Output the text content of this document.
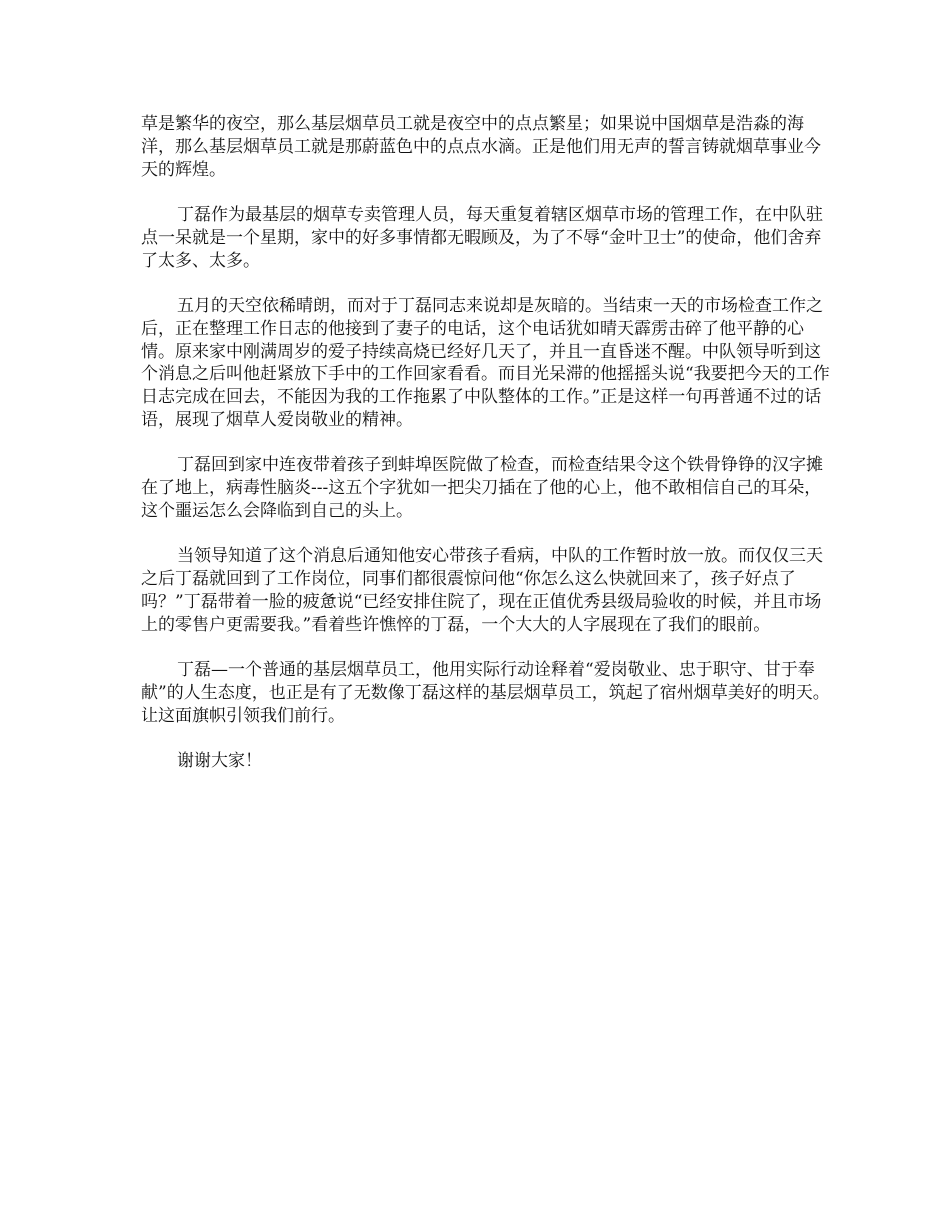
草是繁华的夜空，那么基层烟草员工就是夜空中的点点繁星；如果说中国烟草是浩淼的海洋，那么基层烟草员工就是那蔚蓝色中的点点水滴。正是他们用无声的誓言铸就烟草事业今天的辉煌。

丁磊作为最基层的烟草专卖管理人员，每天重复着辖区烟草市场的管理工作，在中队驻点一呆就是一个星期，家中的好多事情都无暇顾及，为了不辱“金叶卫士”的使命，他们舍弃了太多、太多。

五月的天空依稀晴朗，而对于丁磊同志来说却是灰暗的。当结束一天的市场检查工作之后，正在整理工作日志的他接到了妻子的电话，这个电话犹如晴天霹雳击碎了他平静的心情。原来家中刚满周岁的爱子持续高烧已经好几天了，并且一直昏迷不醒。中队领导听到这个消息之后叫他赶紧放下手中的工作回家看看。而目光呆滞的他摇摇头说“我要把今天的工作日志完成在回去，不能因为我的工作拖累了中队整体的工作。”正是这样一句再普通不过的话语，展现了烟草人爱岗敬业的精神。

丁磊回到家中连夜带着孩子到蚌埠医院做了检查，而检查结果令这个铁骨铮铮的汉字摊在了地上，病毒性脑炎---这五个字犹如一把尖刀插在了他的心上，他不敢相信自己的耳朵，这个噩运怎么会降临到自己的头上。

当领导知道了这个消息后通知他安心带孩子看病，中队的工作暂时放一放。而仅仅三天之后丁磊就回到了工作岗位，同事们都很震惊问他“你怎么这么快就回来了，孩子好点了吗？”丁磊带着一脸的疲惫说“已经安排住院了，现在正值优秀县级局验收的时候，并且市场上的零售户更需要我。”看着些许憔悴的丁磊，一个大大的人字展现在了我们的眼前。

丁磊—一个普通的基层烟草员工，他用实际行动诠释着“爱岗敬业、忠于职守、甘于奉献”的人生态度，也正是有了无数像丁磊这样的基层烟草员工，筑起了宿州烟草美好的明天。让这面旗帜引领我们前行。

谢谢大家！
